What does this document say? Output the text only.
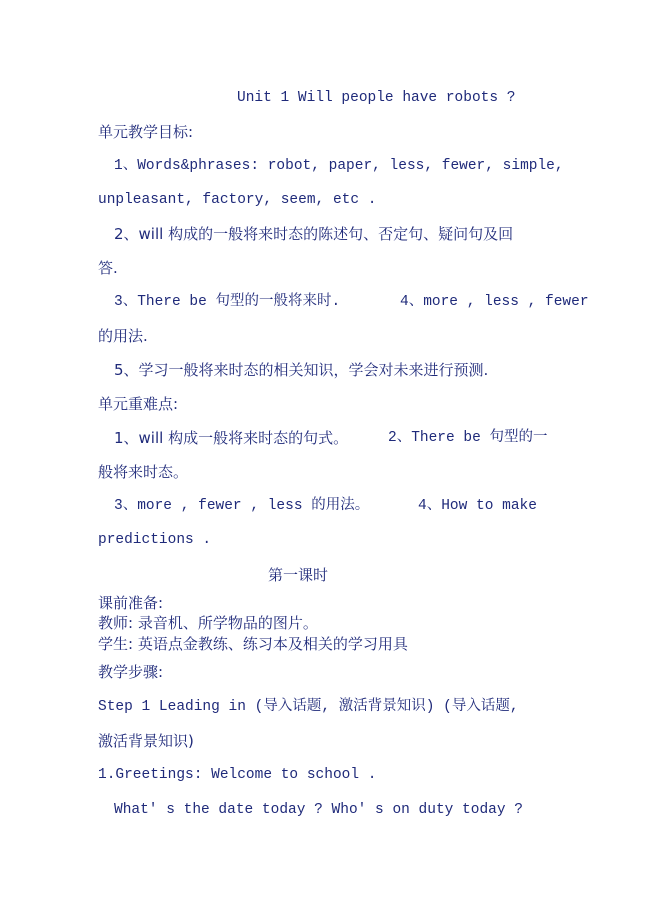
Unit 1 Will people have robots ?
单元教学目标:
1、Words&phrases: robot, paper, less, fewer, simple,
unpleasant, factory, seem, etc .
2、will 构成的一般将来时态的陈述句、否定句、疑问句及回
答.
3、There be 句型的一般将来时.	4、more , less , fewer
的用法.
5、学习一般将来时态的相关知识，学会对未来进行预测.
单元重难点:
1、will 构成一般将来时态的句式。	2、There be 句型的一
般将来时态。
3、more , fewer , less 的用法。	4、How to make
predictions .
第一课时
课前准备:
教师: 录音机、所学物品的图片。
学生: 英语点金教练、练习本及相关的学习用具
教学步骤:
Step 1 Leading in (导入话题, 激活背景知识) (导入话题,
激活背景知识)
1.Greetings: Welcome to school .
What′ s the date today ? Who′ s on duty today ?
